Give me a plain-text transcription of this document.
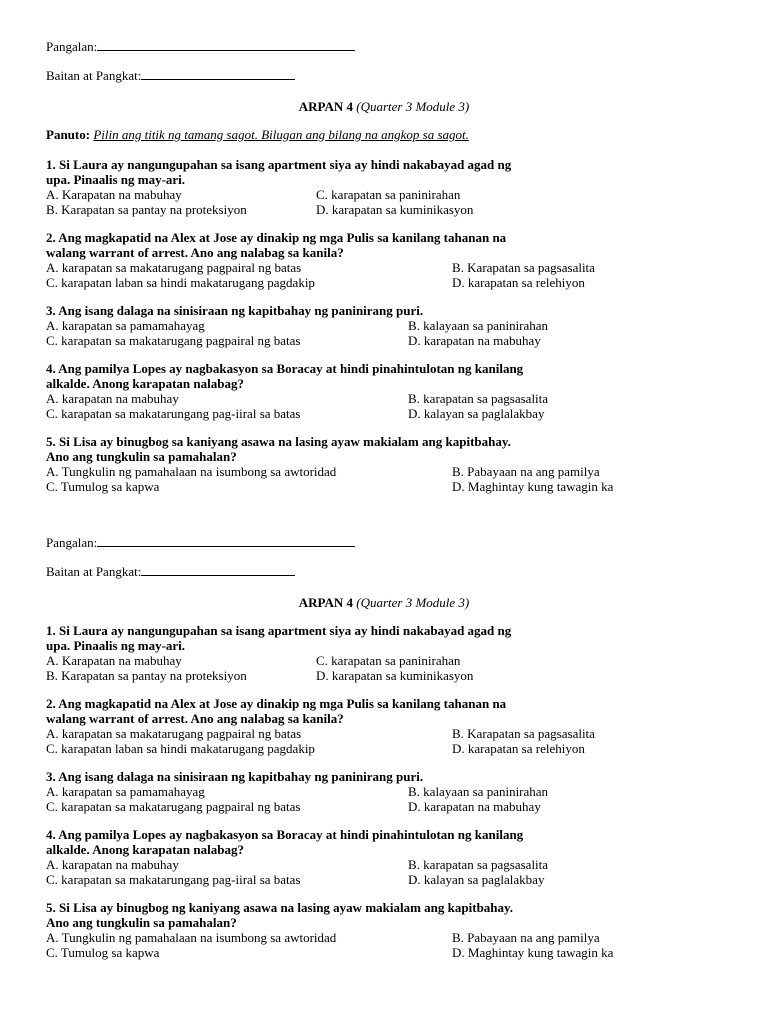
Pangalan:
Baitan at Pangkat:
ARPAN 4 (Quarter 3 Module 3)
Panuto: Pilin ang titik ng tamang sagot. Bilugan ang bilang na angkop sa sagot.
1. Si Laura ay nangungupahan sa isang apartment siya ay hindi nakabayad agad ng upa. Pinaalis ng may-ari.
A. Karapatan na mabuhay	C. karapatan sa paninirahan
B. Karapatan sa pantay na proteksiyon	D. karapatan sa kuminikasyon
2. Ang magkapatid na Alex at Jose ay dinakip ng mga Pulis sa kanilang tahanan na walang warrant of arrest. Ano ang nalabag sa kanila?
A. karapatan sa makatarugang pagpairal ng batas	B. Karapatan sa pagsasalita
C. karapatan laban sa hindi makatarugang pagdakip	D. karapatan sa relehiyon
3. Ang isang dalaga na sinisiraan ng kapitbahay ng paninirang puri.
A. karapatan sa pamamahayag	B. kalayaan sa paninirahan
C. karapatan sa makatarugang pagpairal ng batas	D. karapatan na mabuhay
4. Ang pamilya Lopes ay nagbakasyon sa Boracay at hindi pinahintulotan ng kanilang alkalde. Anong karapatan nalabag?
A. karapatan na mabuhay	B. karapatan sa pagsasalita
C. karapatan sa makatarungang pag-iiral sa batas	D. kalayan sa paglalakbay
5. Si Lisa ay binugbog sa kaniyang asawa na lasing ayaw makialam ang kapitbahay. Ano ang tungkulin sa pamahalan?
A. Tungkulin ng pamahalaan na isumbong sa awtoridad	B. Pabayaan na ang pamilya
C. Tumulog sa kapwa	D. Maghintay kung tawagin ka
Pangalan:
Baitan at Pangkat:
ARPAN 4 (Quarter 3 Module 3)
1. Si Laura ay nangungupahan sa isang apartment siya ay hindi nakabayad agad ng upa. Pinaalis ng may-ari.
A. Karapatan na mabuhay	C. karapatan sa paninirahan
B. Karapatan sa pantay na proteksiyon	D. karapatan sa kuminikasyon
2. Ang magkapatid na Alex at Jose ay dinakip ng mga Pulis sa kanilang tahanan na walang warrant of arrest. Ano ang nalabag sa kanila?
A. karapatan sa makatarugang pagpairal ng batas	B. Karapatan sa pagsasalita
C. karapatan laban sa hindi makatarugang pagdakip	D. karapatan sa relehiyon
3. Ang isang dalaga na sinisiraan ng kapitbahay ng paninirang puri.
A. karapatan sa pamamahayag	B. kalayaan sa paninirahan
C. karapatan sa makatarugang pagpairal ng batas	D. karapatan na mabuhay
4. Ang pamilya Lopes ay nagbakasyon sa Boracay at hindi pinahintulotan ng kanilang alkalde. Anong karapatan nalabag?
A. karapatan na mabuhay	B. karapatan sa pagsasalita
C. karapatan sa makatarungang pag-iiral sa batas	D. kalayan sa paglalakbay
5. Si Lisa ay binugbog ng kaniyang asawa na lasing ayaw makialam ang kapitbahay. Ano ang tungkulin sa pamahalan?
A. Tungkulin ng pamahalaan na isumbong sa awtoridad	B. Pabayaan na ang pamilya
C. Tumulog sa kapwa	D. Maghintay kung tawagin ka
